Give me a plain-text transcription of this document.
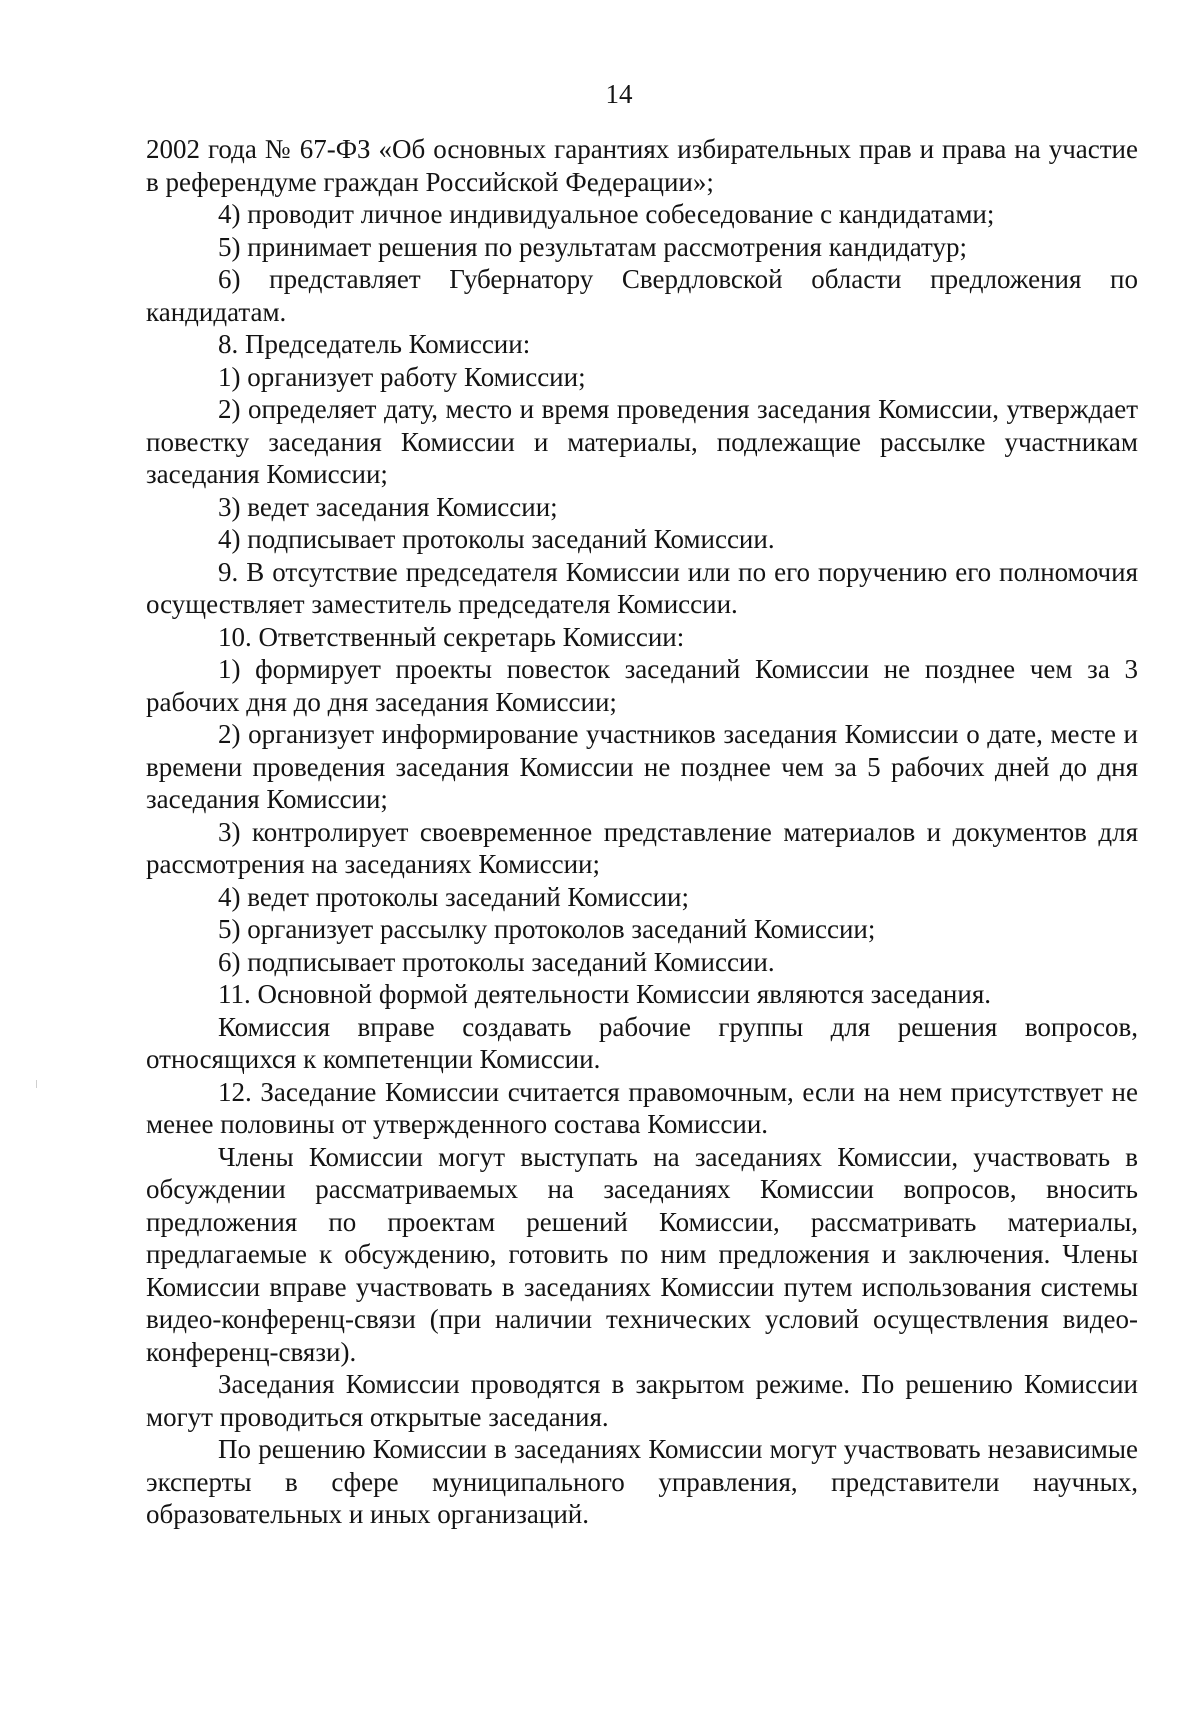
14

2002 года № 67-ФЗ «Об основных гарантиях избирательных прав и права на участие в референдуме граждан Российской Федерации»;

4) проводит личное индивидуальное собеседование с кандидатами;

5) принимает решения по результатам рассмотрения кандидатур;

6) представляет Губернатору Свердловской области предложения по кандидатам.

8. Председатель Комиссии:

1) организует работу Комиссии;

2) определяет дату, место и время проведения заседания Комиссии, утверждает повестку заседания Комиссии и материалы, подлежащие рассылке участникам заседания Комиссии;

3) ведет заседания Комиссии;

4) подписывает протоколы заседаний Комиссии.

9. В отсутствие председателя Комиссии или по его поручению его полномочия осуществляет заместитель председателя Комиссии.

10. Ответственный секретарь Комиссии:

1) формирует проекты повесток заседаний Комиссии не позднее чем за 3 рабочих дня до дня заседания Комиссии;

2) организует информирование участников заседания Комиссии о дате, месте и времени проведения заседания Комиссии не позднее чем за 5 рабочих дней до дня заседания Комиссии;

3) контролирует своевременное представление материалов и документов для рассмотрения на заседаниях Комиссии;

4) ведет протоколы заседаний Комиссии;

5) организует рассылку протоколов заседаний Комиссии;

6) подписывает протоколы заседаний Комиссии.

11. Основной формой деятельности Комиссии являются заседания.

Комиссия вправе создавать рабочие группы для решения вопросов, относящихся к компетенции Комиссии.

12. Заседание Комиссии считается правомочным, если на нем присутствует не менее половины от утвержденного состава Комиссии.

Члены Комиссии могут выступать на заседаниях Комиссии, участвовать в обсуждении рассматриваемых на заседаниях Комиссии вопросов, вносить предложения по проектам решений Комиссии, рассматривать материалы, предлагаемые к обсуждению, готовить по ним предложения и заключения. Члены Комиссии вправе участвовать в заседаниях Комиссии путем использования системы видео-конференц-связи (при наличии технических условий осуществления видео-конференц-связи).

Заседания Комиссии проводятся в закрытом режиме. По решению Комиссии могут проводиться открытые заседания.

По решению Комиссии в заседаниях Комиссии могут участвовать независимые эксперты в сфере муниципального управления, представители научных, образовательных и иных организаций.
